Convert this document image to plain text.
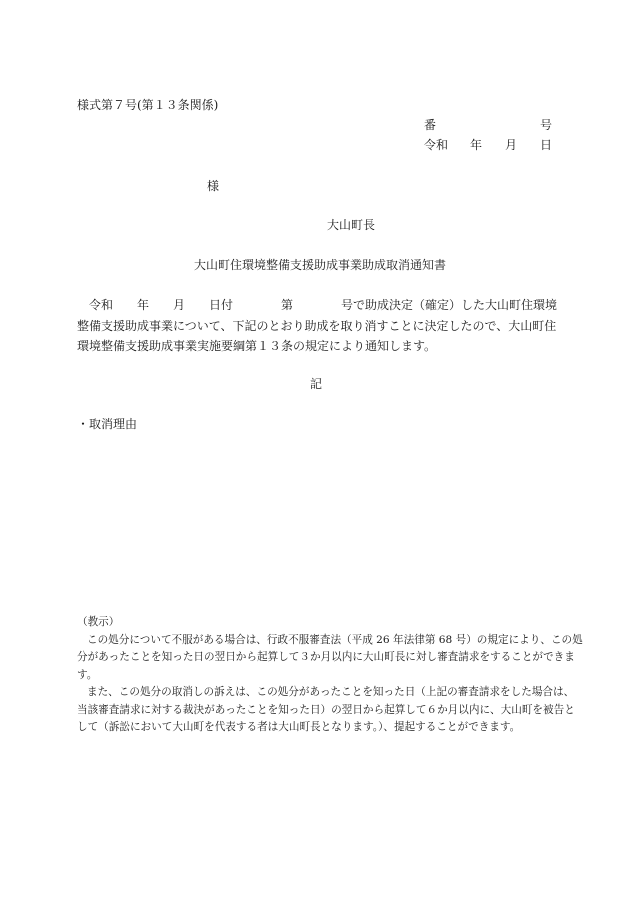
様式第７号(第１３条関係)
番	号
令和 年 月 日
様
大山町長
大山町住環境整備支援助成事業助成取消通知書
令和　　年　　月　　日付　　　　第　　　　号で助成決定（確定）した大山町住環境
整備支援助成事業について、下記のとおり助成を取り消すことに決定したので、大山町住
環境整備支援助成事業実施要綱第１３条の規定により通知します。
記
・取消理由
（教示）
この処分について不服がある場合は、行政不服審査法（平成 26 年法律第 68 号）の規定により、この処
分があったことを知った日の翌日から起算して３か月以内に大山町長に対し審査請求をすることができま
す。
また、この処分の取消しの訴えは、この処分があったことを知った日（上記の審査請求をした場合は、
当該審査請求に対する裁決があったことを知った日）の翌日から起算して６か月以内に、大山町を被告と
して（訴訟において大山町を代表する者は大山町長となります。）、提起することができます。
